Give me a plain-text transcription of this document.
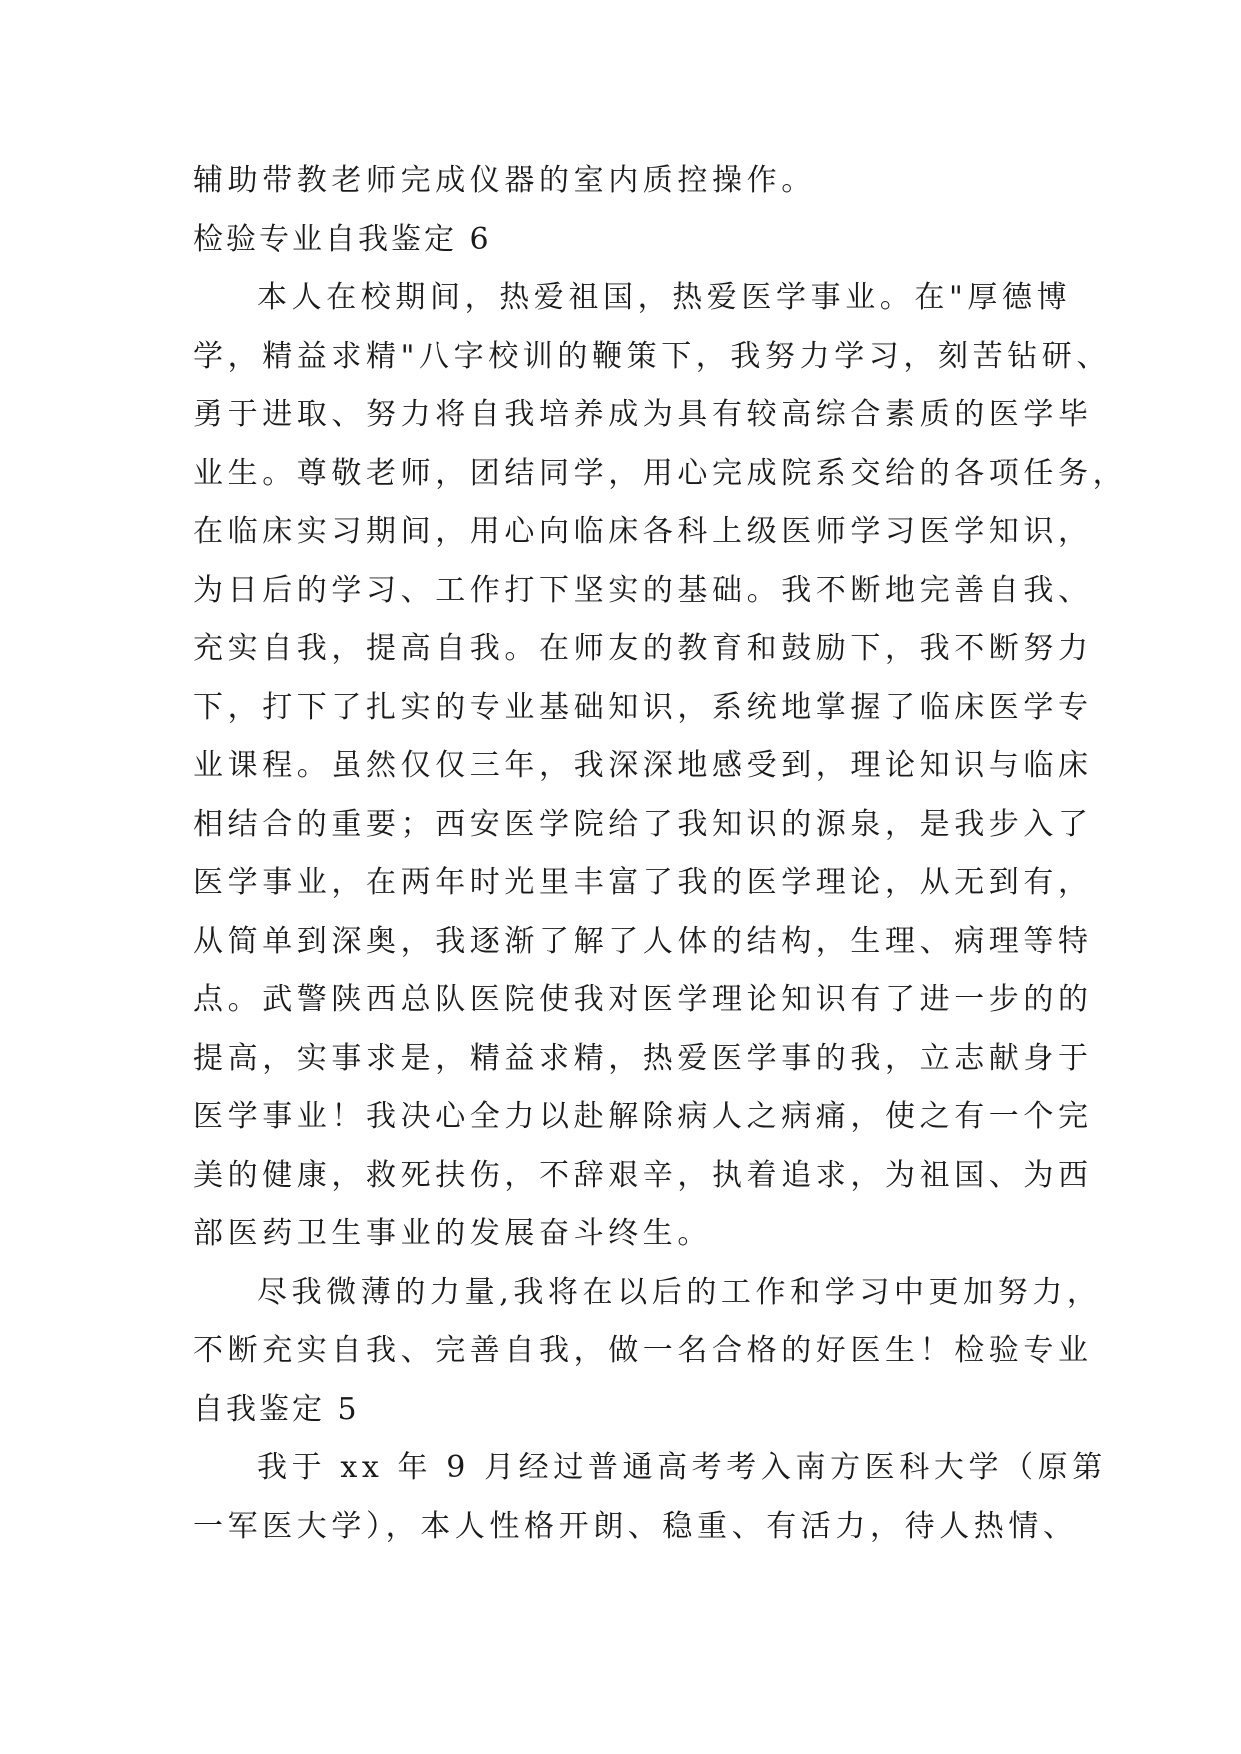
辅助带教老师完成仪器的室内质控操作。
检验专业自我鉴定 6
本人在校期间，热爱祖国，热爱医学事业。在"厚德博
学，精益求精"八字校训的鞭策下，我努力学习，刻苦钻研、
勇于进取、努力将自我培养成为具有较高综合素质的医学毕
业生。尊敬老师，团结同学，用心完成院系交给的各项任务，
在临床实习期间，用心向临床各科上级医师学习医学知识，
为日后的学习、工作打下坚实的基础。我不断地完善自我、
充实自我，提高自我。在师友的教育和鼓励下，我不断努力
下，打下了扎实的专业基础知识，系统地掌握了临床医学专
业课程。虽然仅仅三年，我深深地感受到，理论知识与临床
相结合的重要；西安医学院给了我知识的源泉，是我步入了
医学事业，在两年时光里丰富了我的医学理论，从无到有，
从简单到深奥，我逐渐了解了人体的结构，生理、病理等特
点。武警陕西总队医院使我对医学理论知识有了进一步的的
提高，实事求是，精益求精，热爱医学事的我，立志献身于
医学事业！我决心全力以赴解除病人之病痛，使之有一个完
美的健康，救死扶伤，不辞艰辛，执着追求，为祖国、为西
部医药卫生事业的发展奋斗终生。
尽我微薄的力量,我将在以后的工作和学习中更加努力，
不断充实自我、完善自我，做一名合格的好医生！检验专业
自我鉴定 5
我于 xx 年 9 月经过普通高考考入南方医科大学（原第
一军医大学），本人性格开朗、稳重、有活力，待人热情、
